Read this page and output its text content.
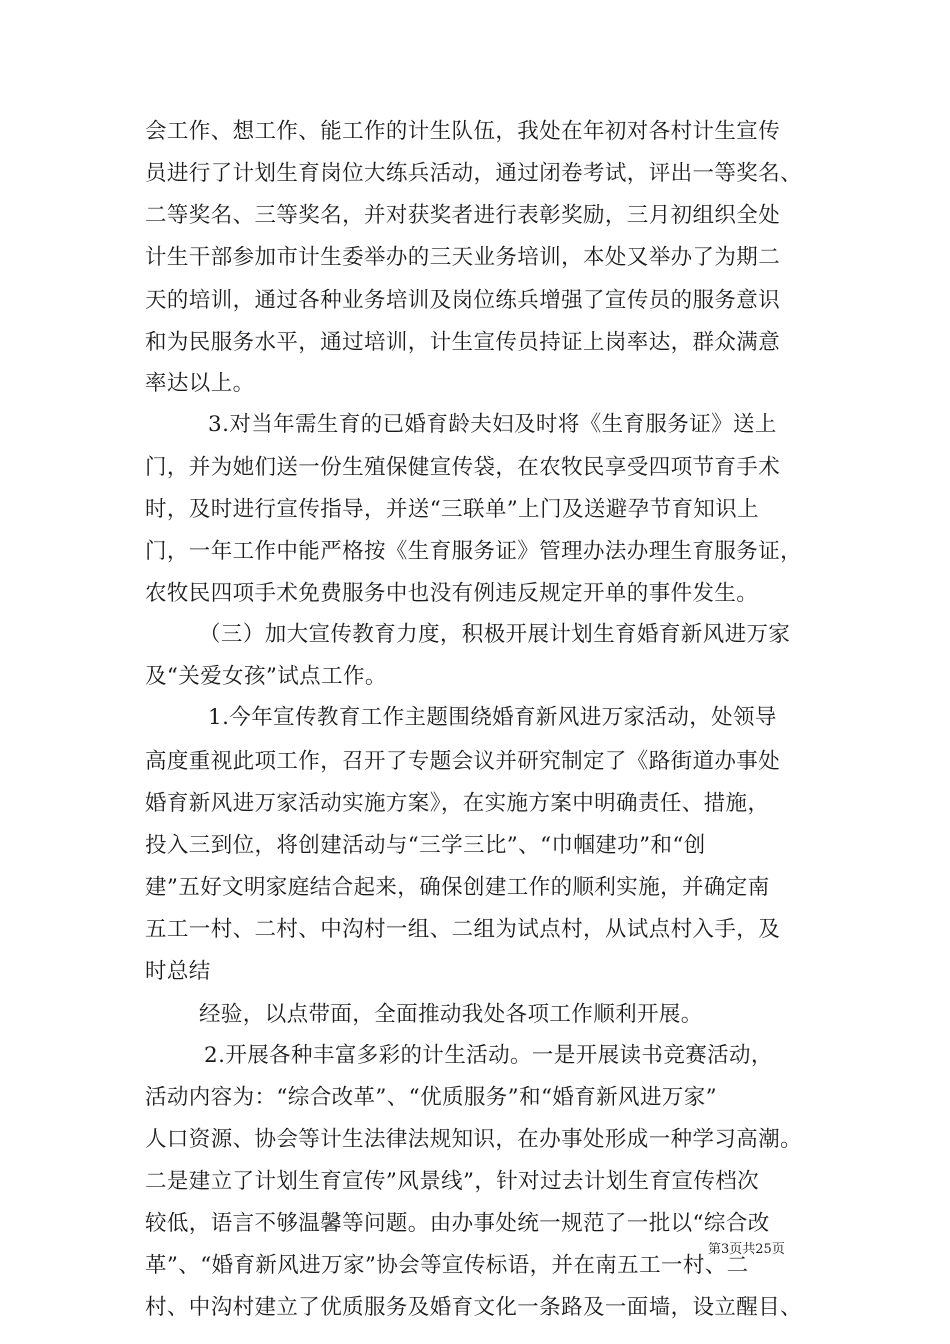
会工作、想工作、能工作的计生队伍，我处在年初对各村计生宣传
员进行了计划生育岗位大练兵活动，通过闭卷考试，评出一等奖名、
二等奖名、三等奖名，并对获奖者进行表彰奖励，三月初组织全处
计生干部参加市计生委举办的三天业务培训，本处又举办了为期二
天的培训，通过各种业务培训及岗位练兵增强了宣传员的服务意识
和为民服务水平，通过培训，计生宣传员持证上岗率达，群众满意
率达以上。
3.对当年需生育的已婚育龄夫妇及时将《生育服务证》送上
门，并为她们送一份生殖保健宣传袋，在农牧民享受四项节育手术
时，及时进行宣传指导，并送“三联单”上门及送避孕节育知识上
门，一年工作中能严格按《生育服务证》管理办法办理生育服务证，
农牧民四项手术免费服务中也没有例违反规定开单的事件发生。
（三）加大宣传教育力度，积极开展计划生育婚育新风进万家
及“关爱女孩”试点工作。
1.今年宣传教育工作主题围绕婚育新风进万家活动，处领导
高度重视此项工作，召开了专题会议并研究制定了《路街道办事处
婚育新风进万家活动实施方案》，在实施方案中明确责任、措施，
投入三到位，将创建活动与“三学三比”、“巾帼建功”和“创
建”五好文明家庭结合起来，确保创建工作的顺利实施，并确定南
五工一村、二村、中沟村一组、二组为试点村，从试点村入手，及
时总结
经验，以点带面，全面推动我处各项工作顺利开展。
2.开展各种丰富多彩的计生活动。一是开展读书竞赛活动，
活动内容为：“综合改革”、“优质服务”和“婚育新风进万家”
人口资源、协会等计生法律法规知识，在办事处形成一种学习高潮。
二是建立了计划生育宣传”风景线”，针对过去计划生育宣传档次
较低，语言不够温馨等问题。由办事处统一规范了一批以“综合改
革”、“婚育新风进万家”协会等宣传标语，并在南五工一村、二
村、中沟村建立了优质服务及婚育文化一条路及一面墙，设立醒目、
第3页共25页
